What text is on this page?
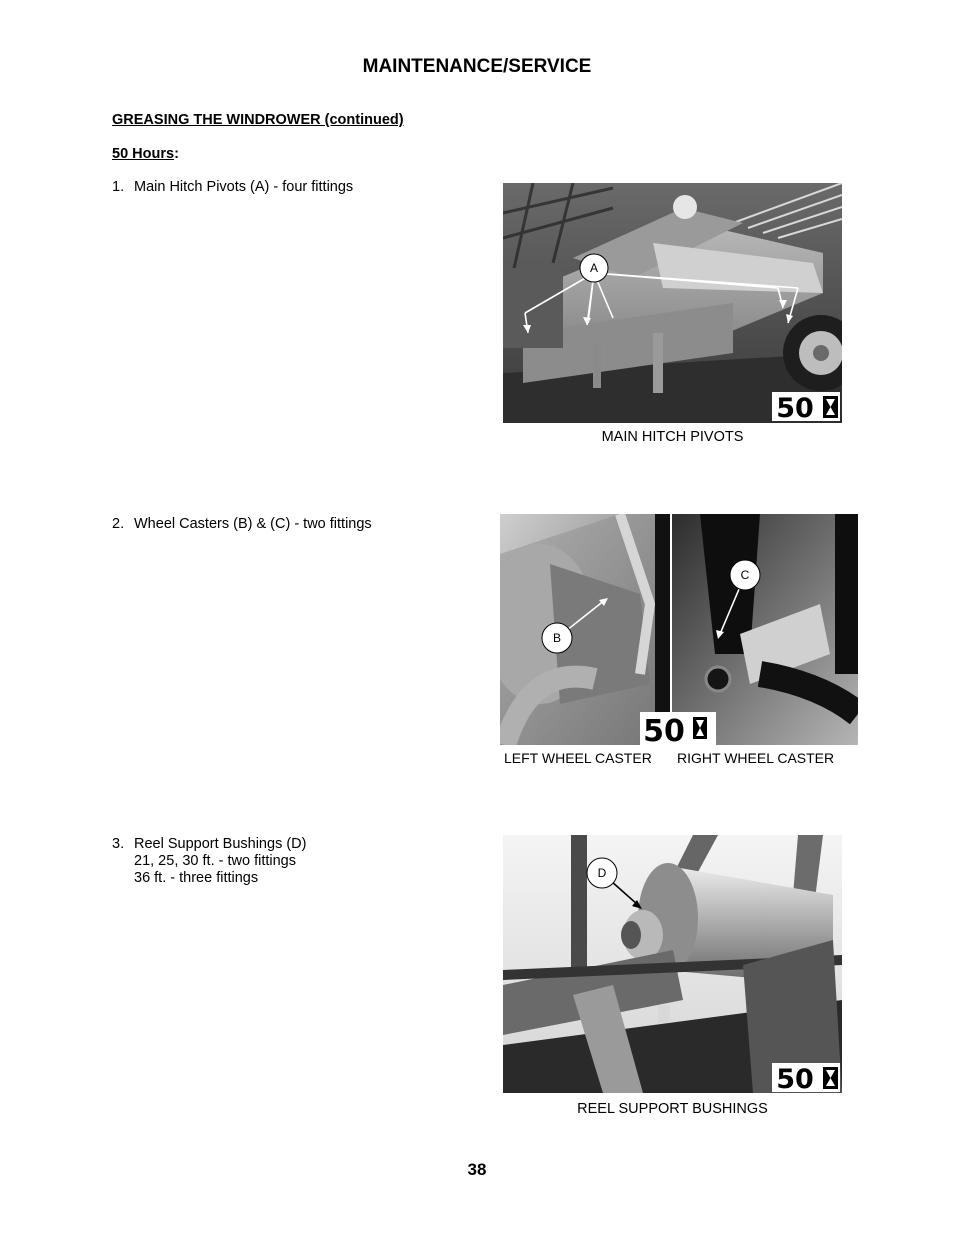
MAINTENANCE/SERVICE
GREASING THE WINDROWER (continued)
50 Hours:
1. Main Hitch Pivots (A) - four fittings
2. Wheel Casters (B) & (C) - two fittings
3. Reel Support Bushings (D)
21, 25, 30 ft. - two fittings
36 ft. - three fittings
A
50
MAIN HITCH PIVOTS
B
C
50
LEFT WHEEL CASTER RIGHT WHEEL CASTER
D
50
REEL SUPPORT BUSHINGS
38
